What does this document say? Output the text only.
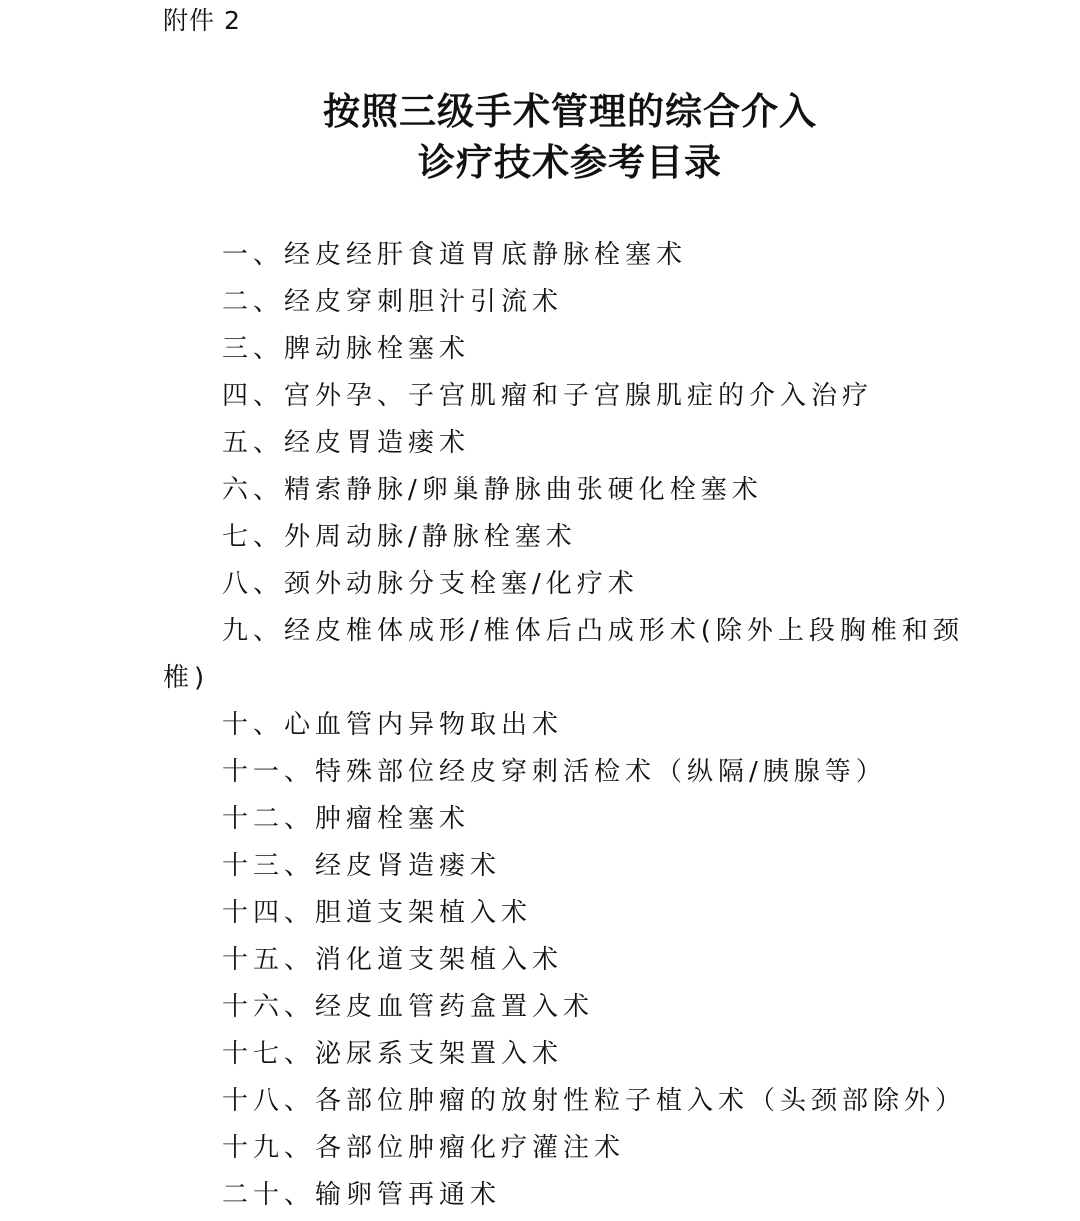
附件 2
按照三级手术管理的综合介入
诊疗技术参考目录

一、经皮经肝食道胃底静脉栓塞术

二、经皮穿刺胆汁引流术

三、脾动脉栓塞术

四、宫外孕、子宫肌瘤和子宫腺肌症的介入治疗

五、经皮胃造瘘术

六、精索静脉/卵巢静脉曲张硬化栓塞术

七、外周动脉/静脉栓塞术

八、颈外动脉分支栓塞/化疗术

九、经皮椎体成形/椎体后凸成形术(除外上段胸椎和颈

椎)

十、心血管内异物取出术

十一、特殊部位经皮穿刺活检术（纵隔/胰腺等）

十二、肿瘤栓塞术

十三、经皮肾造瘘术

十四、胆道支架植入术

十五、消化道支架植入术

十六、经皮血管药盒置入术

十七、泌尿系支架置入术

十八、各部位肿瘤的放射性粒子植入术（头颈部除外）

十九、各部位肿瘤化疗灌注术

二十、输卵管再通术
